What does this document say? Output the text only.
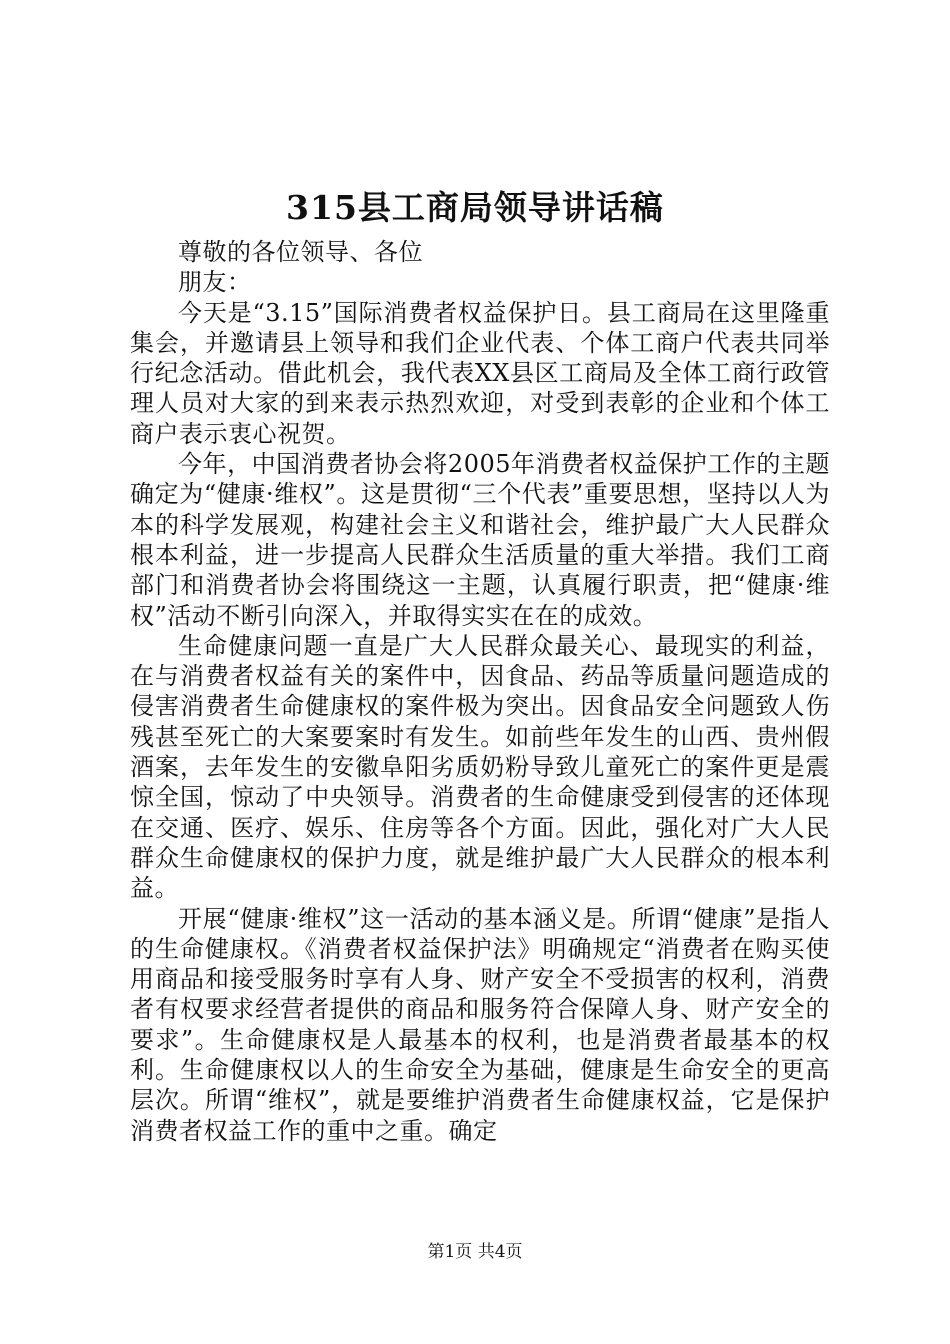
315县工商局领导讲话稿

尊敬的各位领导、各位

朋友：

今天是“3.15”国际消费者权益保护日。县工商局在这里隆重集会，并邀请县上领导和我们企业代表、个体工商户代表共同举行纪念活动。借此机会，我代表XX县区工商局及全体工商行政管理人员对大家的到来表示热烈欢迎，对受到表彰的企业和个体工商户表示衷心祝贺。

今年，中国消费者协会将2005年消费者权益保护工作的主题确定为“健康·维权”。这是贯彻“三个代表”重要思想，坚持以人为本的科学发展观，构建社会主义和谐社会，维护最广大人民群众根本利益，进一步提高人民群众生活质量的重大举措。我们工商部门和消费者协会将围绕这一主题，认真履行职责，把“健康·维权”活动不断引向深入，并取得实实在在的成效。

生命健康问题一直是广大人民群众最关心、最现实的利益，在与消费者权益有关的案件中，因食品、药品等质量问题造成的侵害消费者生命健康权的案件极为突出。因食品安全问题致人伤残甚至死亡的大案要案时有发生。如前些年发生的山西、贵州假酒案，去年发生的安徽阜阳劣质奶粉导致儿童死亡的案件更是震惊全国，惊动了中央领导。消费者的生命健康受到侵害的还体现在交通、医疗、娱乐、住房等各个方面。因此，强化对广大人民群众生命健康权的保护力度，就是维护最广大人民群众的根本利益。

开展“健康·维权”这一活动的基本涵义是。所谓“健康”是指人的生命健康权。《消费者权益保护法》明确规定“消费者在购买使用商品和接受服务时享有人身、财产安全不受损害的权利，消费者有权要求经营者提供的商品和服务符合保障人身、财产安全的要求”。生命健康权是人最基本的权利，也是消费者最基本的权利。生命健康权以人的生命安全为基础，健康是生命安全的更高层次。所谓“维权”，就是要维护消费者生命健康权益，它是保护消费者权益工作的重中之重。确定

第1页 共4页
